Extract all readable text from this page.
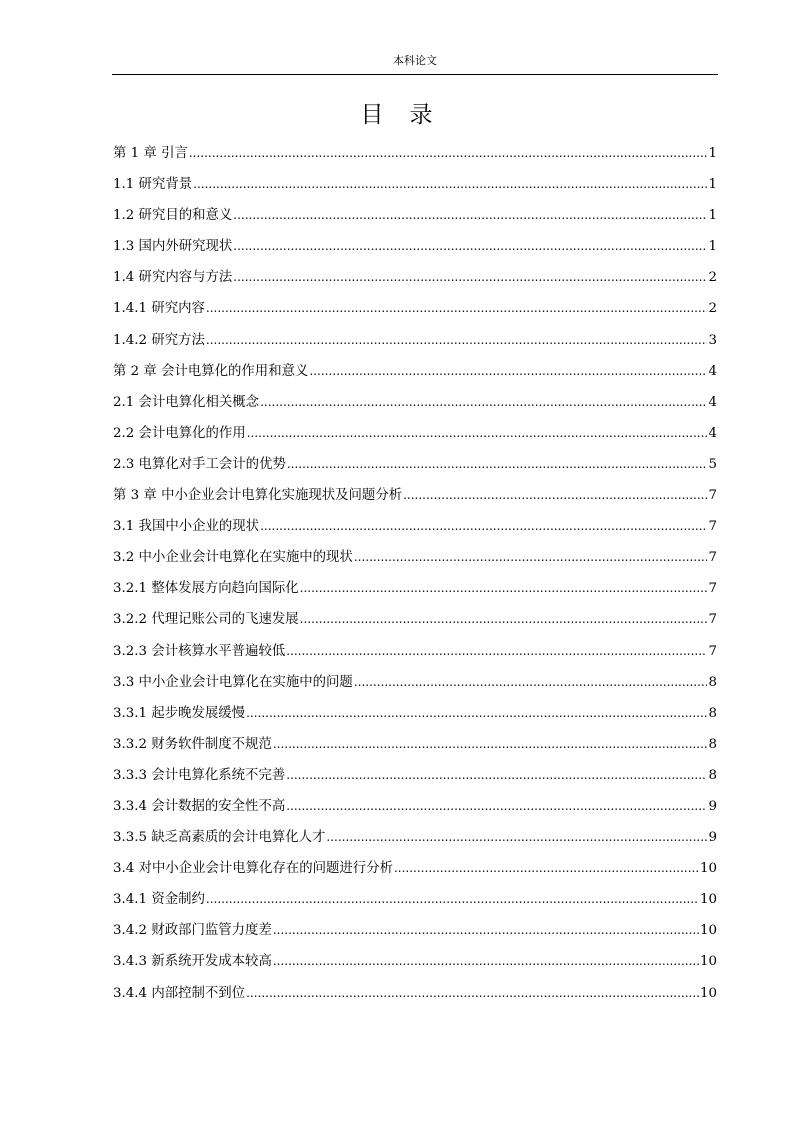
本科论文
目 录
第 1 章 引言 .....	1
1.1 研究背景 .....	1
1.2 研究目的和意义 .....	1
1.3 国内外研究现状 .....	1
1.4 研究内容与方法 .....	2
1.4.1 研究内容 .....	2
1.4.2 研究方法 .....	3
第 2 章 会计电算化的作用和意义 .....	4
2.1 会计电算化相关概念 .....	4
2.2 会计电算化的作用 .....	4
2.3 电算化对手工会计的优势 .....	5
第 3 章 中小企业会计电算化实施现状及问题分析 .....	7
3.1 我国中小企业的现状 .....	7
3.2 中小企业会计电算化在实施中的现状 .....	7
3.2.1 整体发展方向趋向国际化 .....	7
3.2.2 代理记账公司的飞速发展 .....	7
3.2.3 会计核算水平普遍较低 .....	7
3.3 中小企业会计电算化在实施中的问题 .....	8
3.3.1 起步晚发展缓慢 .....	8
3.3.2 财务软件制度不规范 .....	8
3.3.3 会计电算化系统不完善 .....	8
3.3.4 会计数据的安全性不高 .....	9
3.3.5 缺乏高素质的会计电算化人才 .....	9
3.4 对中小企业会计电算化存在的问题进行分析 .....	10
3.4.1 资金制约 .....	10
3.4.2 财政部门监管力度差 .....	10
3.4.3 新系统开发成本较高 .....	10
3.4.4 内部控制不到位 .....	10
